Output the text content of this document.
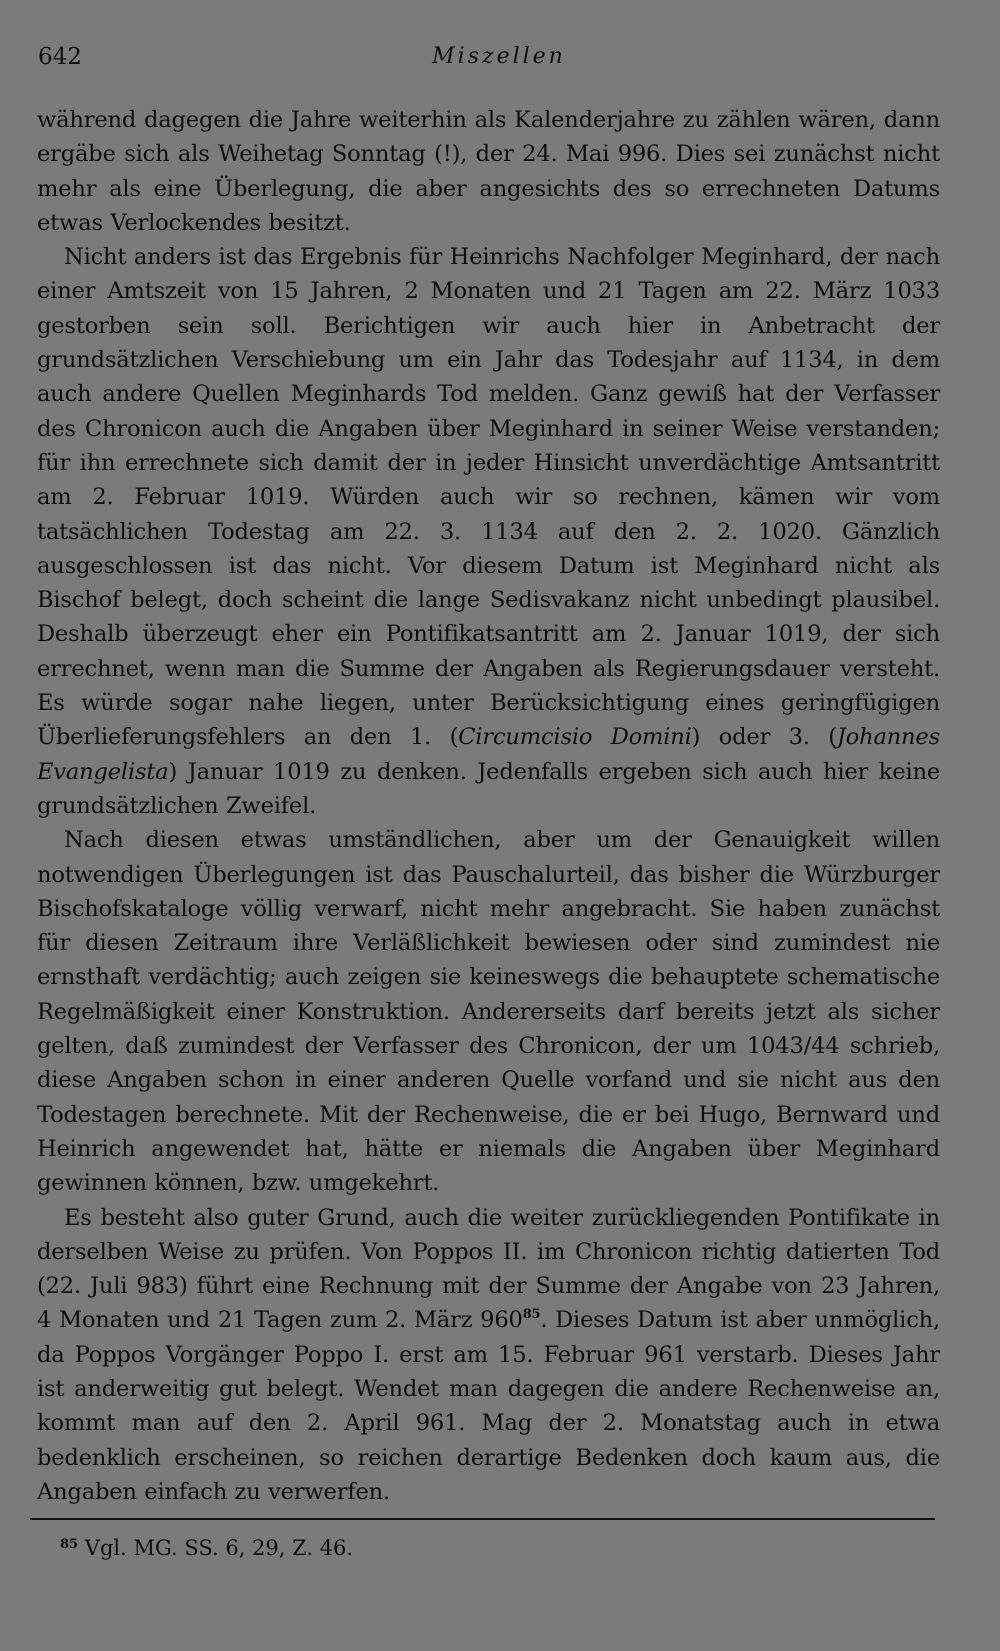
642	Miszellen

während dagegen die Jahre weiterhin als Kalenderjahre zu zählen wären, dann ergäbe sich als Weihetag Sonntag (!), der 24. Mai 996. Dies sei zunächst nicht mehr als eine Überlegung, die aber angesichts des so errechneten Datums etwas Verlockendes besitzt.

Nicht anders ist das Ergebnis für Heinrichs Nachfolger Meginhard, der nach einer Amtszeit von 15 Jahren, 2 Monaten und 21 Tagen am 22. März 1033 gestorben sein soll. Berichtigen wir auch hier in Anbetracht der grundsätzlichen Verschiebung um ein Jahr das Todesjahr auf 1134, in dem auch andere Quellen Meginhards Tod melden. Ganz gewiß hat der Verfasser des Chronicon auch die Angaben über Meginhard in seiner Weise verstanden; für ihn errechnete sich damit der in jeder Hinsicht unverdächtige Amtsantritt am 2. Februar 1019. Würden auch wir so rechnen, kämen wir vom tatsächlichen Todestag am 22. 3. 1134 auf den 2. 2. 1020. Gänzlich ausgeschlossen ist das nicht. Vor diesem Datum ist Meginhard nicht als Bischof belegt, doch scheint die lange Sedisvakanz nicht unbedingt plausibel. Deshalb überzeugt eher ein Pontifikatsantritt am 2. Januar 1019, der sich errechnet, wenn man die Summe der Angaben als Regierungsdauer versteht. Es würde sogar nahe liegen, unter Berücksichtigung eines geringfügigen Überlieferungsfehlers an den 1. (Circumcisio Domini) oder 3. (Johannes Evangelista) Januar 1019 zu denken. Jedenfalls ergeben sich auch hier keine grundsätzlichen Zweifel.

Nach diesen etwas umständlichen, aber um der Genauigkeit willen notwendigen Überlegungen ist das Pauschalurteil, das bisher die Würzburger Bischofskataloge völlig verwarf, nicht mehr angebracht. Sie haben zunächst für diesen Zeitraum ihre Verläßlichkeit bewiesen oder sind zumindest nie ernsthaft verdächtig; auch zeigen sie keineswegs die behauptete schematische Regelmäßigkeit einer Konstruktion. Andererseits darf bereits jetzt als sicher gelten, daß zumindest der Verfasser des Chronicon, der um 1043/44 schrieb, diese Angaben schon in einer anderen Quelle vorfand und sie nicht aus den Todestagen berechnete. Mit der Rechenweise, die er bei Hugo, Bernward und Heinrich angewendet hat, hätte er niemals die Angaben über Meginhard gewinnen können, bzw. umgekehrt.

Es besteht also guter Grund, auch die weiter zurückliegenden Pontifikate in derselben Weise zu prüfen. Von Poppos II. im Chronicon richtig datierten Tod (22. Juli 983) führt eine Rechnung mit der Summe der Angabe von 23 Jahren, 4 Monaten und 21 Tagen zum 2. März $960^{85}$. Dieses Datum ist aber unmöglich, da Poppos Vorgänger Poppo I. erst am 15. Februar 961 verstarb. Dieses Jahr ist anderweitig gut belegt. Wendet man dagegen die andere Rechenweise an, kommt man auf den 2. April 961. Mag der 2. Monatstag auch in etwa bedenklich erscheinen, so reichen derartige Bedenken doch kaum aus, die Angaben einfach zu verwerfen.

$^{85}$ Vgl. MG. SS. 6, 29, Z. 46.
